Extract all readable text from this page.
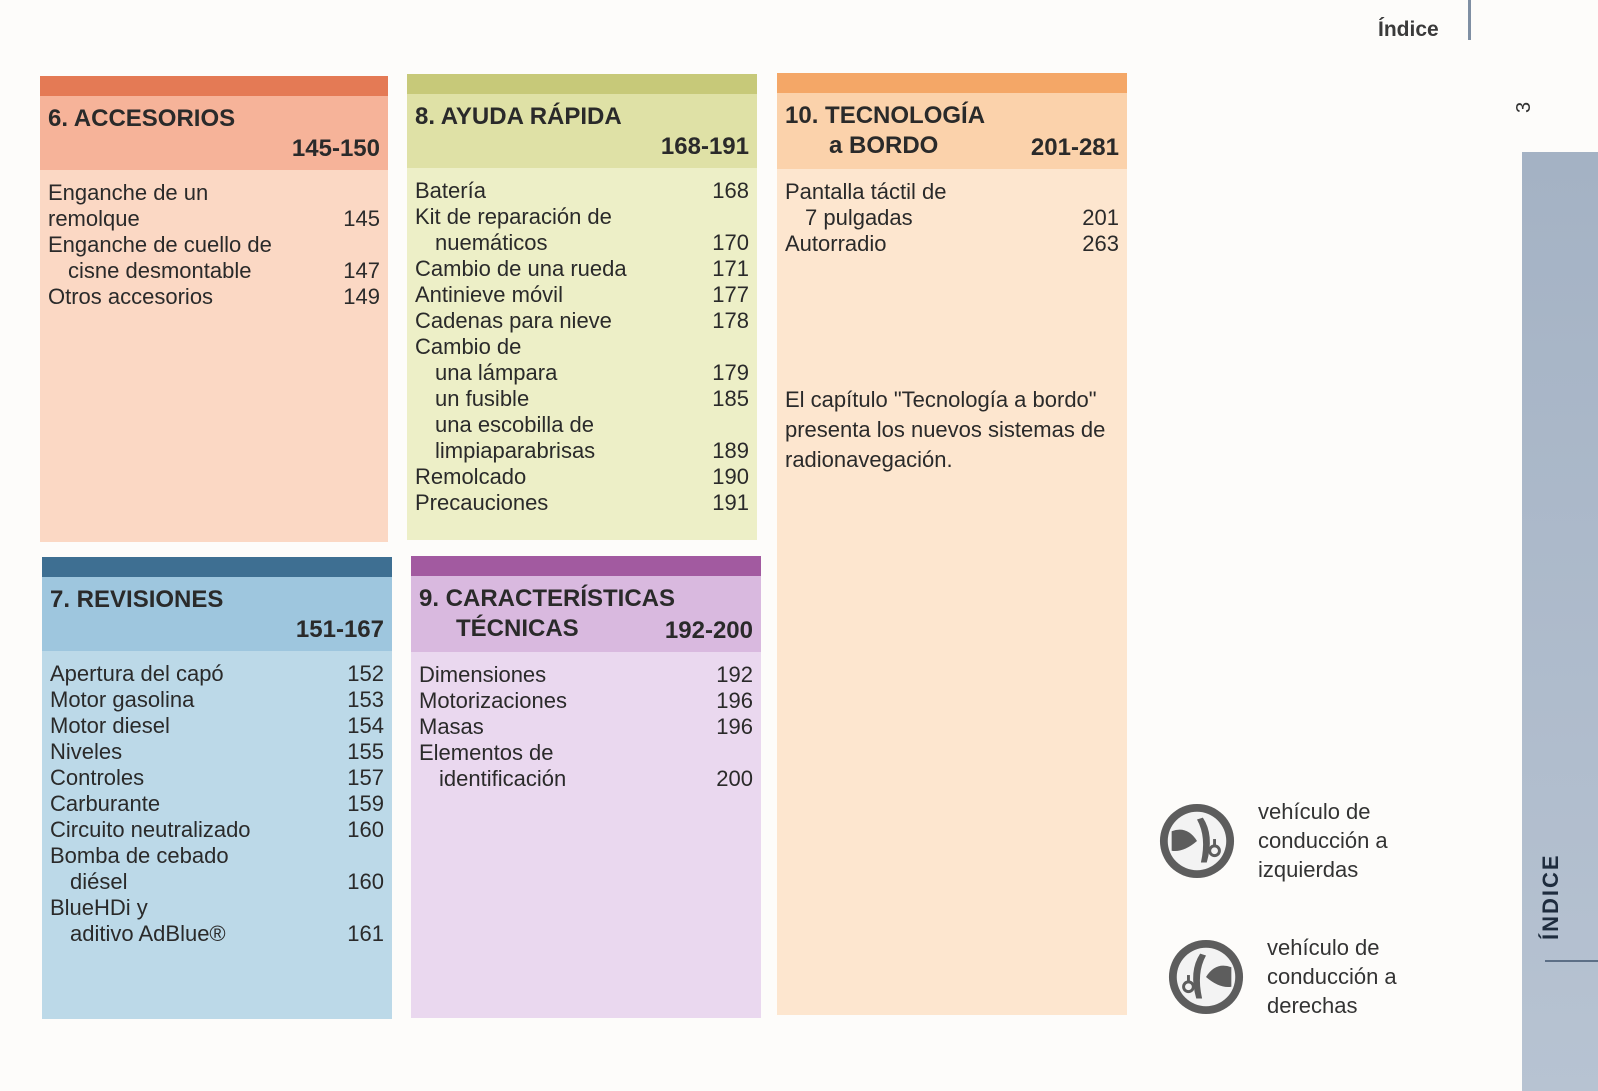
Índice
3
ÍNDICE
6. ACCESORIOS
145-150
Enganche de un
remolque	145
Enganche de cuello de
cisne desmontable	147
Otros accesorios	149
8. AYUDA RÁPIDA
168-191
Batería	168
Kit de reparación de
nuemáticos	170
Cambio de una rueda	171
Antinieve móvil	177
Cadenas para nieve	178
Cambio de
una lámpara	179
un fusible	185
una escobilla de
limpiaparabrisas	189
Remolcado	190
Precauciones	191
10. TECNOLOGÍA
a BORDO	201-281
Pantalla táctil de
7 pulgadas	201
Autorradio	263
El capítulo "Tecnología a bordo" presenta los nuevos sistemas de radionavegación.
7. REVISIONES
151-167
Apertura del capó	152
Motor gasolina	153
Motor diesel	154
Niveles	155
Controles	157
Carburante	159
Circuito neutralizado	160
Bomba de cebado
diésel	160
BlueHDi y
aditivo AdBlue®	161
9. CARACTERÍSTICAS
TÉCNICAS	192-200
Dimensiones	192
Motorizaciones	196
Masas	196
Elementos de
identificación	200
vehículo de conducción a izquierdas
vehículo de conducción a derechas
